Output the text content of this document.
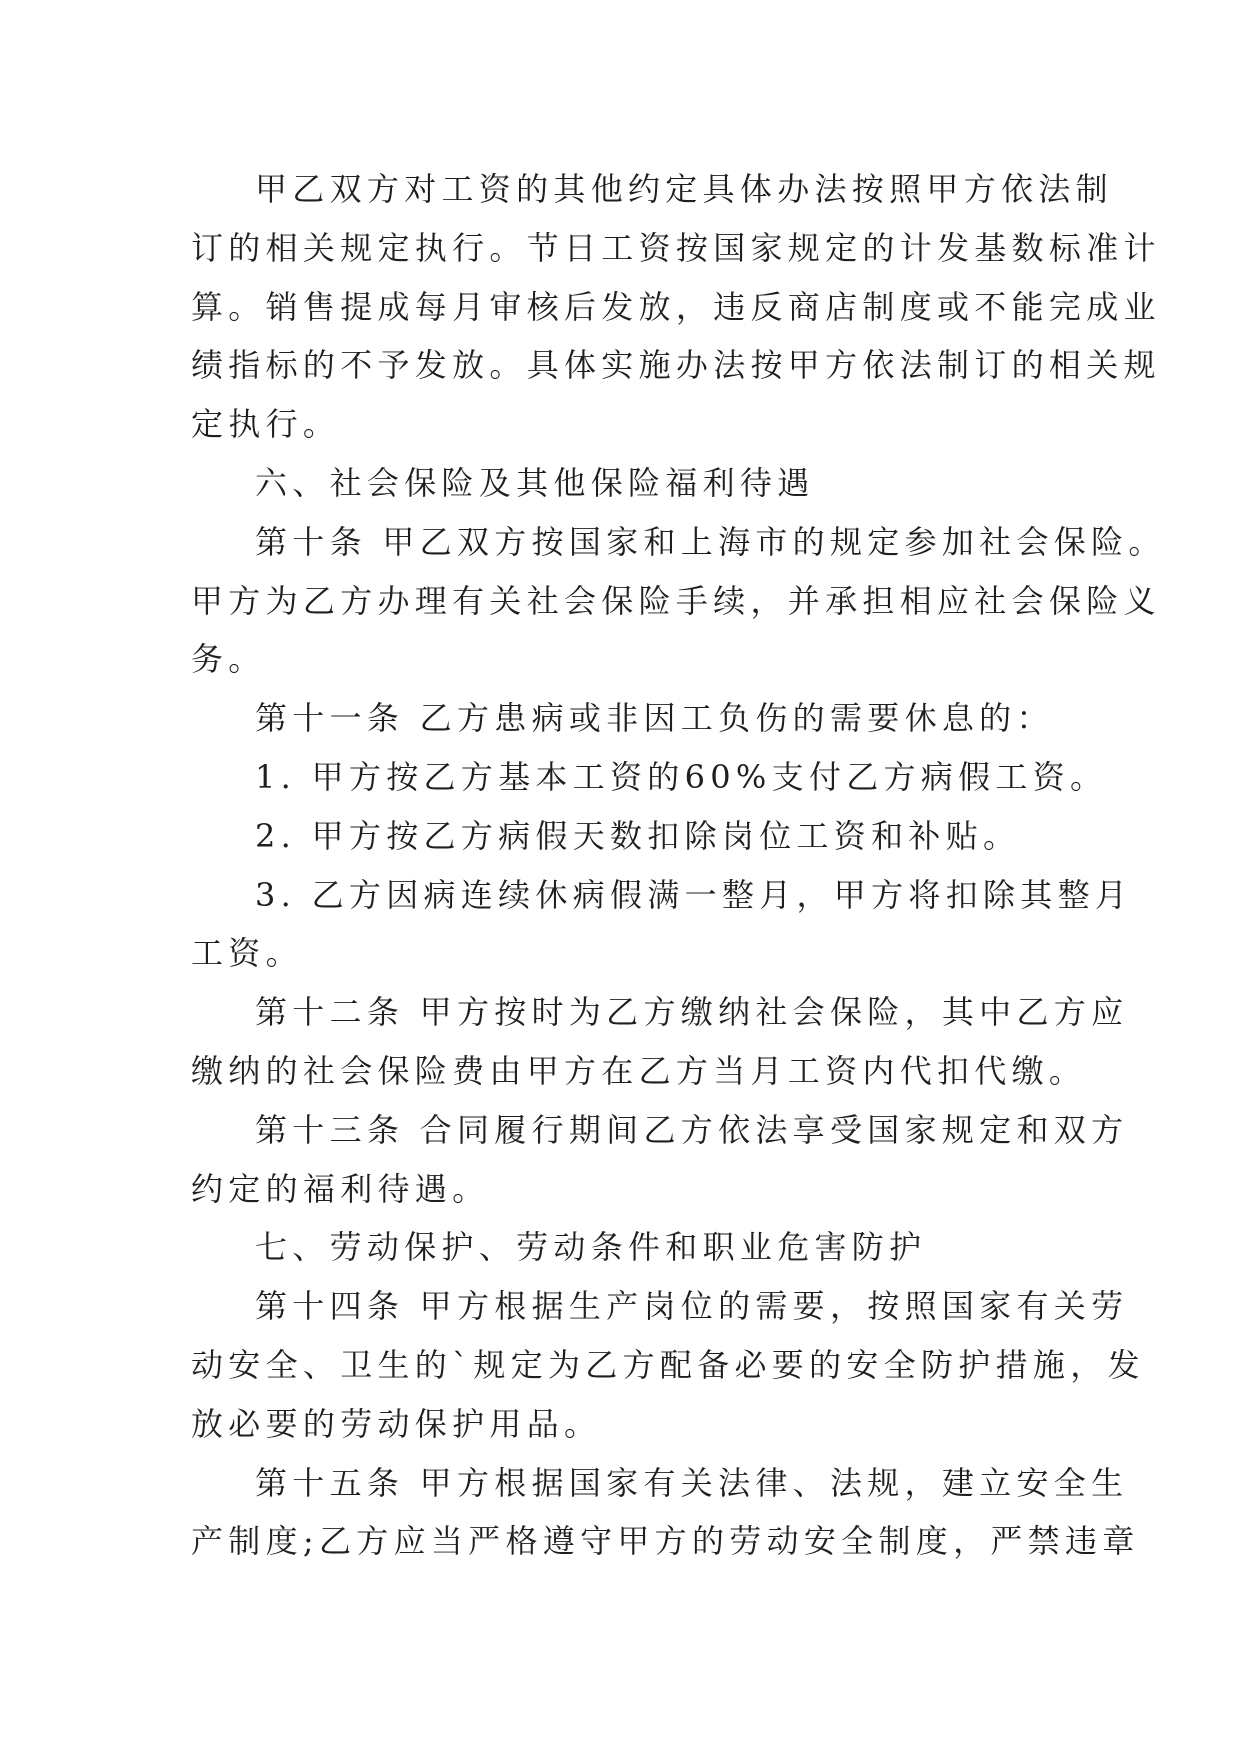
甲乙双方对工资的其他约定具体办法按照甲方依法制
订的相关规定执行。节日工资按国家规定的计发基数标准计
算。销售提成每月审核后发放，违反商店制度或不能完成业
绩指标的不予发放。具体实施办法按甲方依法制订的相关规
定执行。
六、社会保险及其他保险福利待遇
第十条 甲乙双方按国家和上海市的规定参加社会保险。
甲方为乙方办理有关社会保险手续，并承担相应社会保险义
务。
第十一条 乙方患病或非因工负伤的需要休息的：
1. 甲方按乙方基本工资的60%支付乙方病假工资。
2. 甲方按乙方病假天数扣除岗位工资和补贴。
3. 乙方因病连续休病假满一整月，甲方将扣除其整月
工资。
第十二条 甲方按时为乙方缴纳社会保险，其中乙方应
缴纳的社会保险费由甲方在乙方当月工资内代扣代缴。
第十三条 合同履行期间乙方依法享受国家规定和双方
约定的福利待遇。
七、劳动保护、劳动条件和职业危害防护
第十四条 甲方根据生产岗位的需要，按照国家有关劳
动安全、卫生的`规定为乙方配备必要的安全防护措施，发
放必要的劳动保护用品。
第十五条 甲方根据国家有关法律、法规，建立安全生
产制度;乙方应当严格遵守甲方的劳动安全制度，严禁违章
